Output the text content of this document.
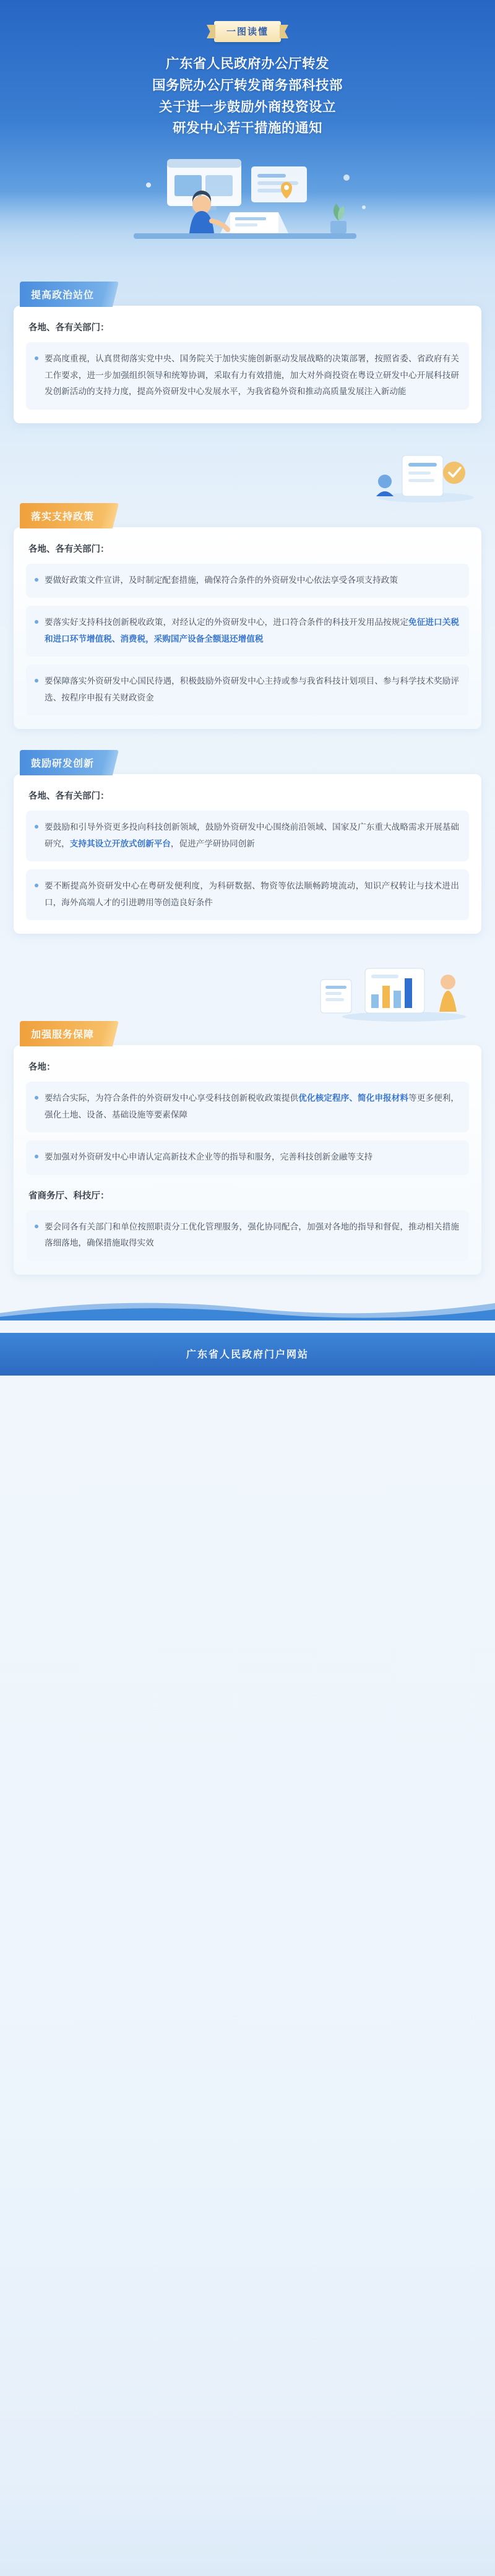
一图读懂
广东省人民政府办公厅转发
国务院办公厅转发商务部科技部
关于进一步鼓励外商投资设立
研发中心若干措施的通知
提高政治站位
各地、各有关部门：
要高度重视，认真贯彻落实党中央、国务院关于加快实施创新驱动发展战略的决策部署，按照省委、省政府有关工作要求，进一步加强组织领导和统筹协调，采取有力有效措施，加大对外商投资在粤设立研发中心开展科技研发创新活动的支持力度，提高外资研发中心发展水平，为我省稳外资和推动高质量发展注入新动能
落实支持政策
各地、各有关部门：
要做好政策文件宣讲，及时制定配套措施，确保符合条件的外资研发中心依法享受各项支持政策
要落实好支持科技创新税收政策，对经认定的外资研发中心，进口符合条件的科技开发用品按规定免征进口关税和进口环节增值税、消费税，采购国产设备全额退还增值税
要保障落实外资研发中心国民待遇，积极鼓励外资研发中心主持或参与我省科技计划项目、参与科学技术奖励评选、按程序申报有关财政资金
鼓励研发创新
各地、各有关部门：
要鼓励和引导外资更多投向科技创新领域，鼓励外资研发中心围绕前沿领域、国家及广东重大战略需求开展基础研究，支持其设立开放式创新平台，促进产学研协同创新
要不断提高外资研发中心在粤研发便利度，为科研数据、物资等依法顺畅跨境流动，知识产权转让与技术进出口，海外高端人才的引进聘用等创造良好条件
加强服务保障
各地：
要结合实际，为符合条件的外资研发中心享受科技创新税收政策提供优化核定程序、简化申报材料等更多便利，强化土地、设备、基础设施等要素保障
要加强对外资研发中心申请认定高新技术企业等的指导和服务，完善科技创新金融等支持
省商务厅、科技厅：
要会同各有关部门和单位按照职责分工优化管理服务，强化协同配合，加强对各地的指导和督促，推动相关措施落细落地，确保措施取得实效
广东省人民政府门户网站
